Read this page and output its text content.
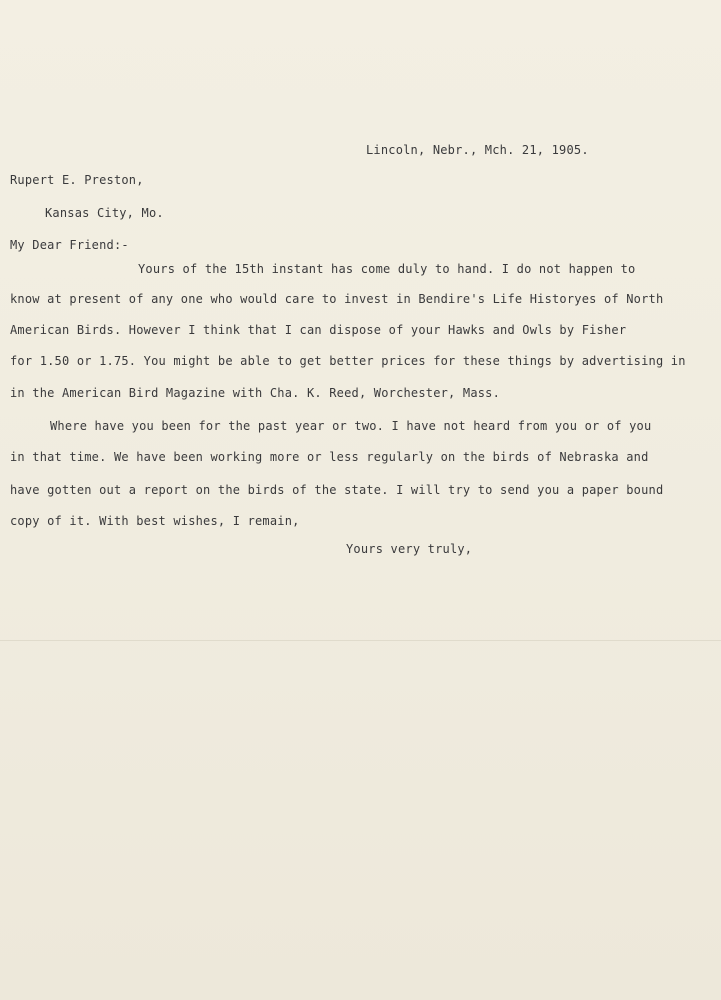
Lincoln, Nebr., Mch. 21, 1905.
Rupert E. Preston,
Kansas City, Mo.
My Dear Friend:-
Yours of the 15th instant has come duly to hand. I do not happen to
know at present of any one who would care to invest in Bendire's Life Historyes of North
American Birds. However I think that I can dispose of your Hawks and Owls by Fisher
for 1.50 or 1.75. You might be able to get better prices for these things by advertising in
in the American Bird Magazine with Cha. K. Reed, Worchester, Mass.
Where have you been for the past year or two. I have not heard from you or of you
in that time. We have been working more or less regularly on the birds of Nebraska and
have gotten out a report on the birds of the state. I will try to send you a paper bound
copy of it. With best wishes, I remain,
Yours very truly,
